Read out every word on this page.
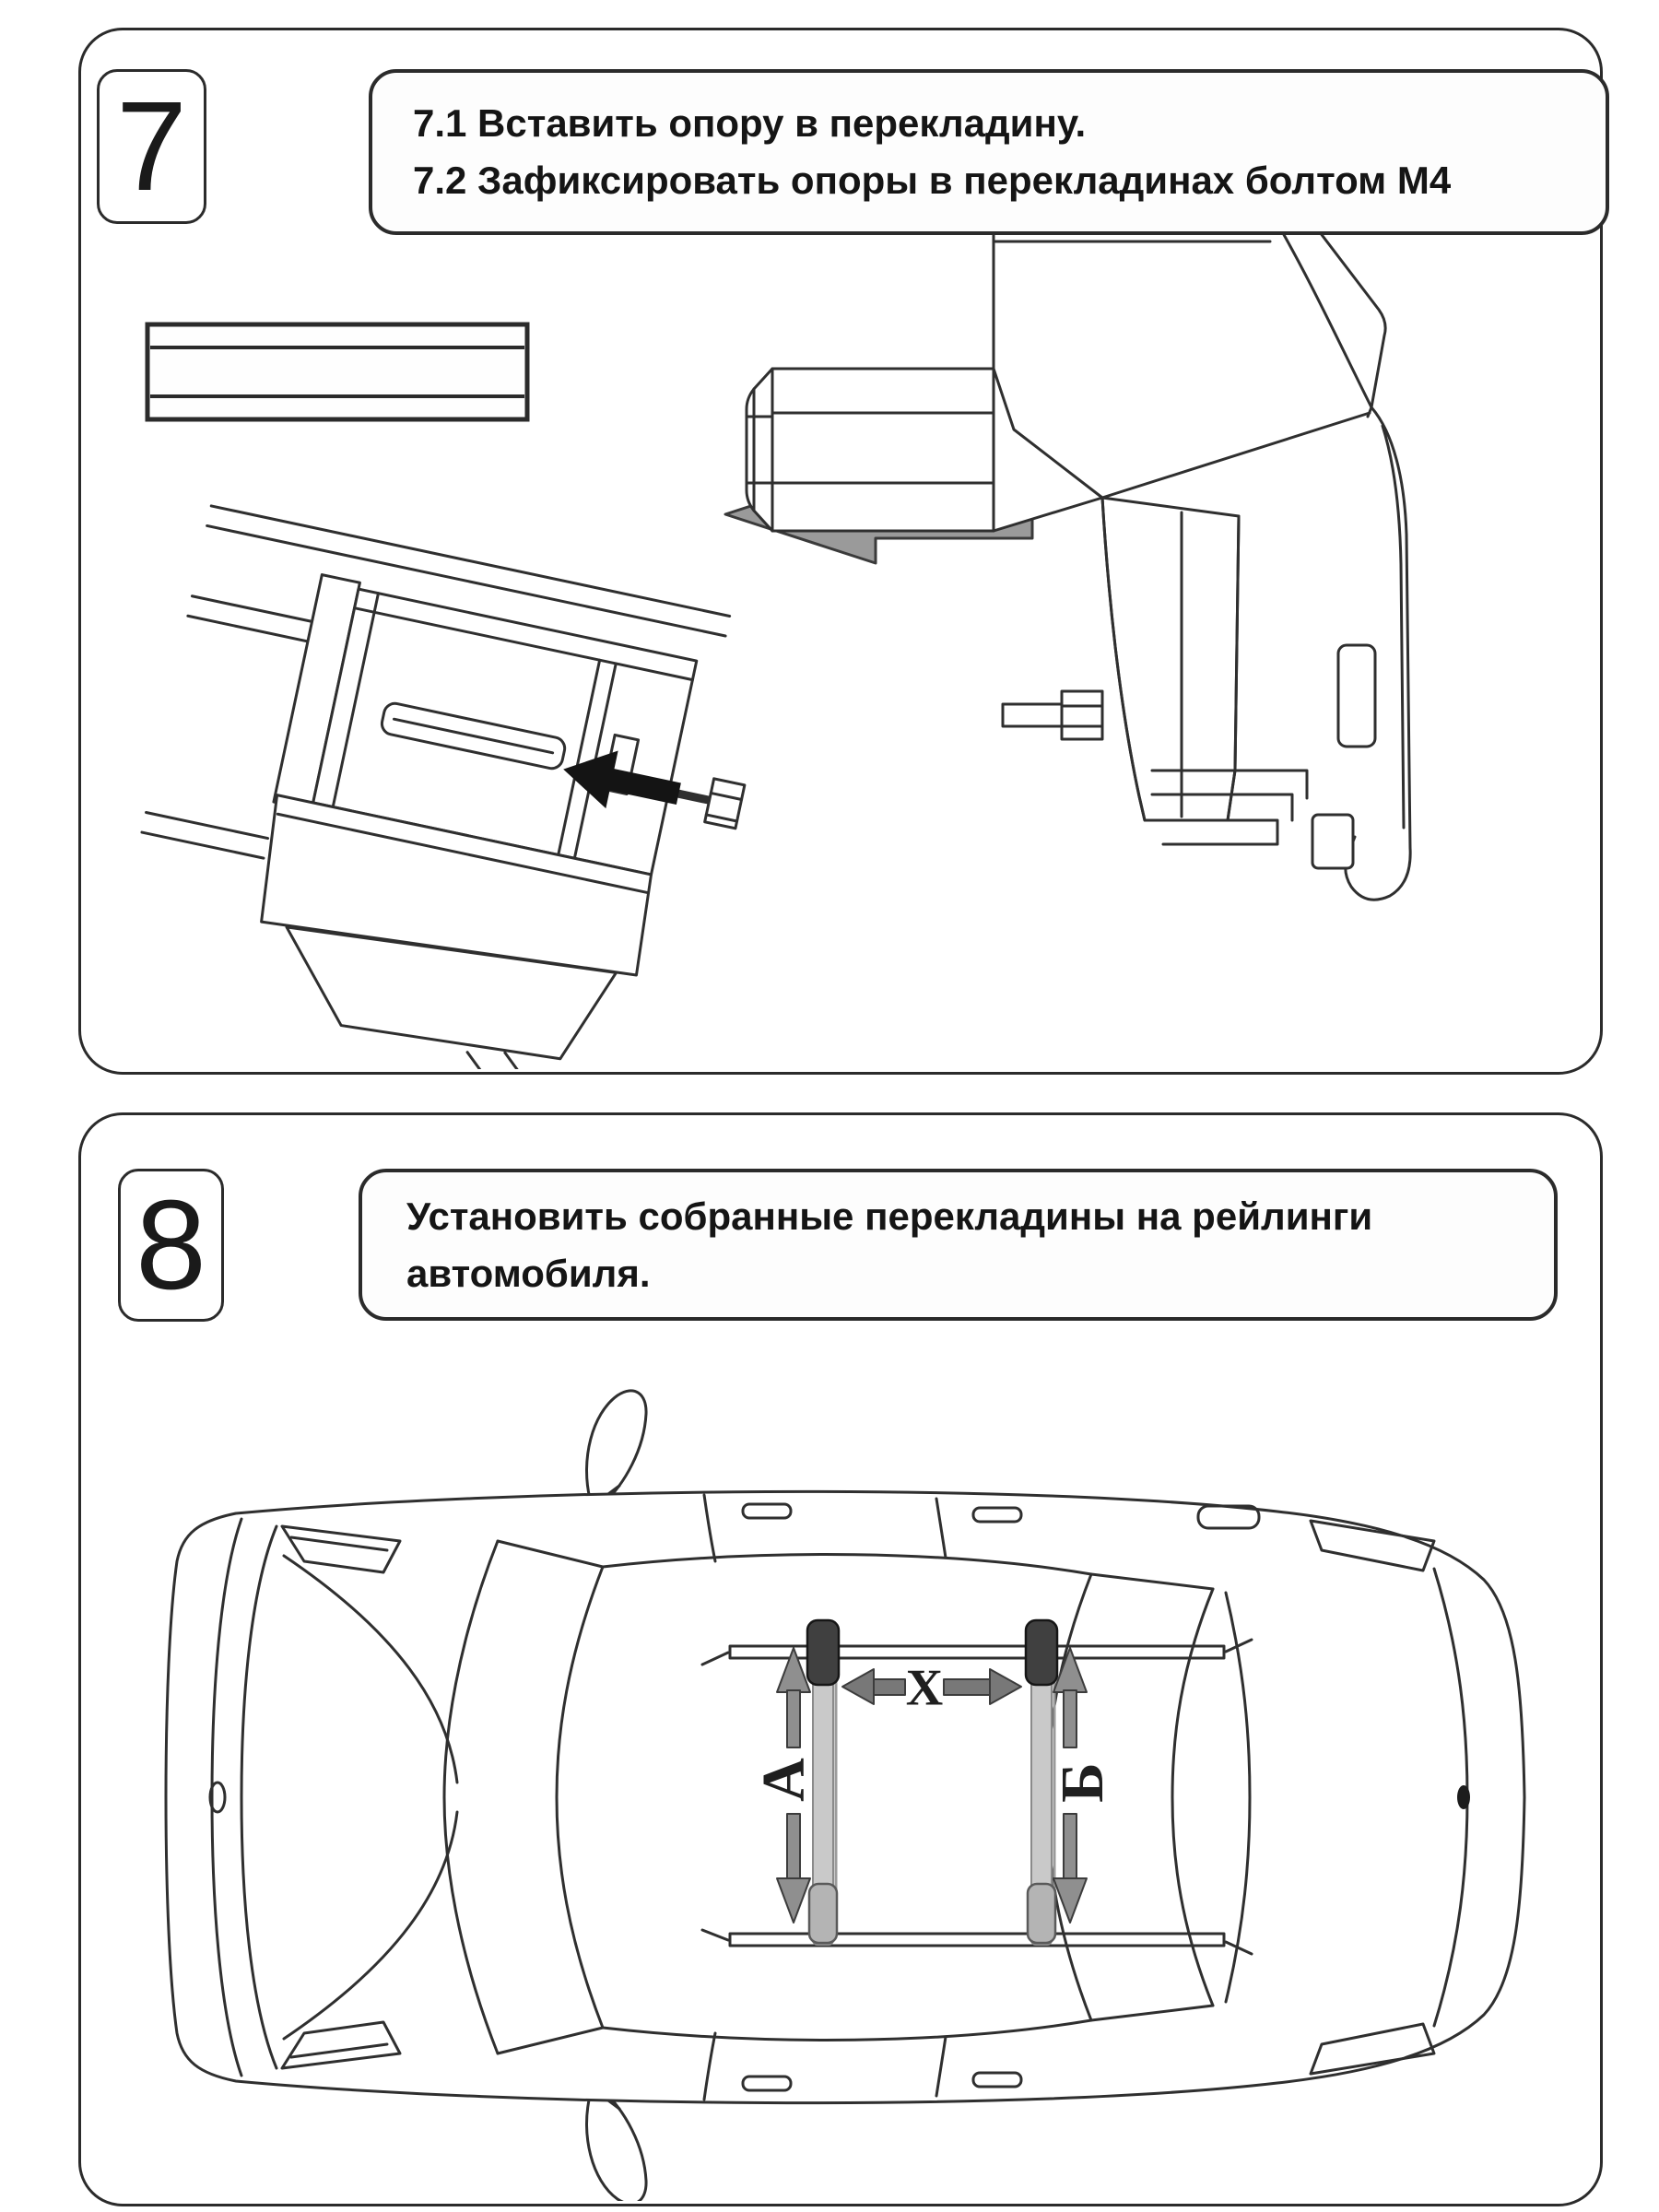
7	7.1 Вставить опору в перекладину.
7.2 Зафиксировать опоры в перекладинах болтом М4
8	Установить собранные перекладины на рейлинги
автомобиля.
А	Б
X
